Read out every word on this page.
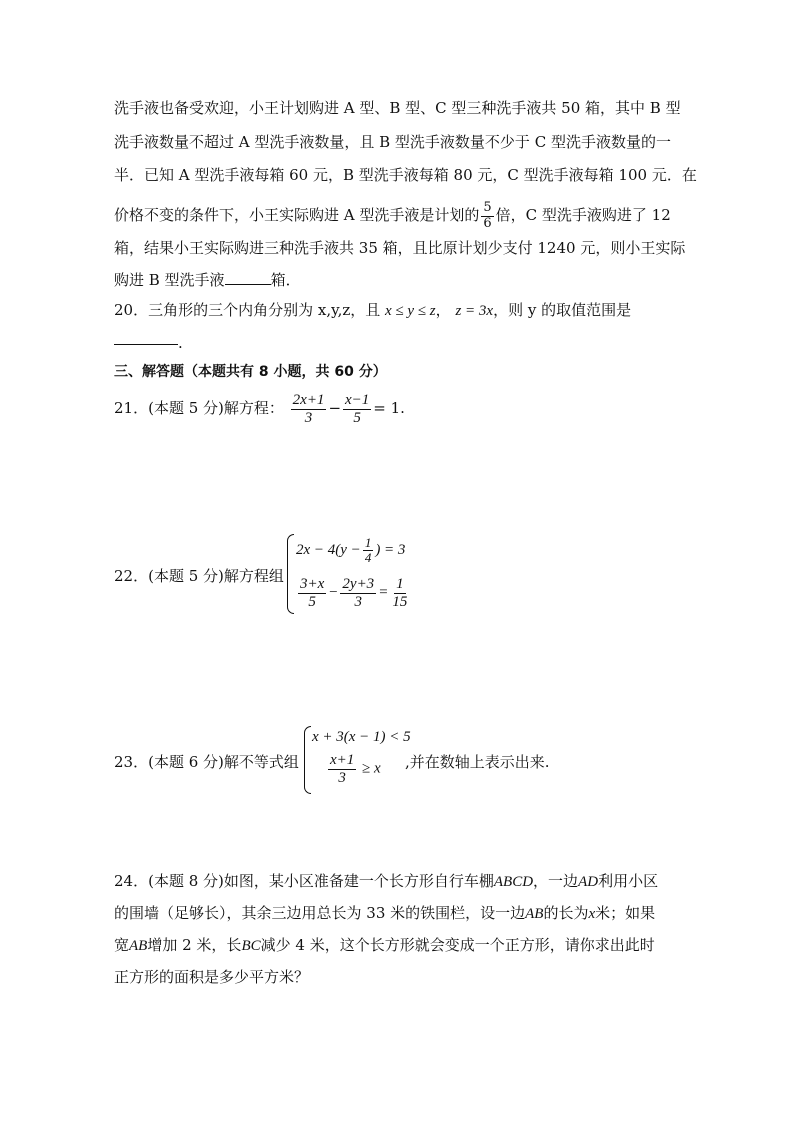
洗手液也备受欢迎，小王计划购进 A 型、B 型、C 型三种洗手液共 50 箱，其中 B 型
洗手液数量不超过 A 型洗手液数量，且 B 型洗手液数量不少于 C 型洗手液数量的一
半．已知 A 型洗手液每箱 60 元，B 型洗手液每箱 80 元，C 型洗手液每箱 100 元．在
价格不变的条件下，小王实际购进 A 型洗手液是计划的 $\frac{5}{6}$ 倍，C 型洗手液购进了 12
箱，结果小王实际购进三种洗手液共 35 箱，且比原计划少支付 1240 元，则小王实际
购进 B 型洗手液	箱．
20．三角形的三个内角分别为 x,y,z，且 x ≤ y ≤ z， z = 3x，则 y 的取值范围是
.
三、解答题（本题共有 8 小题，共 60 分）
21．(本题 5 分)解方程： $\frac{2x+1}{3} - \frac{x-1}{5} = 1$.
22．(本题 5 分)解方程组
$2x - 4(y - \frac{1}{4}$ ) = 3
$\frac{3+x}{5} - \frac{2y+3}{3} = \frac{1}{15}$
23．(本题 6 分)解不等式组
x + 3(x − 1) < 5
$\frac{x+1}{3} \ge x$ ,并在数轴上表示出来.
24．(本题 8 分)如图，某小区准备建一个长方形自行车棚ABCD，一边AD利用小区
的围墙（足够长），其余三边用总长为 33 米的铁围栏，设一边AB的长为x米；如果
宽AB增加 2 米，长BC减少 4 米，这个长方形就会变成一个正方形，请你求出此时
正方形的面积是多少平方米？
